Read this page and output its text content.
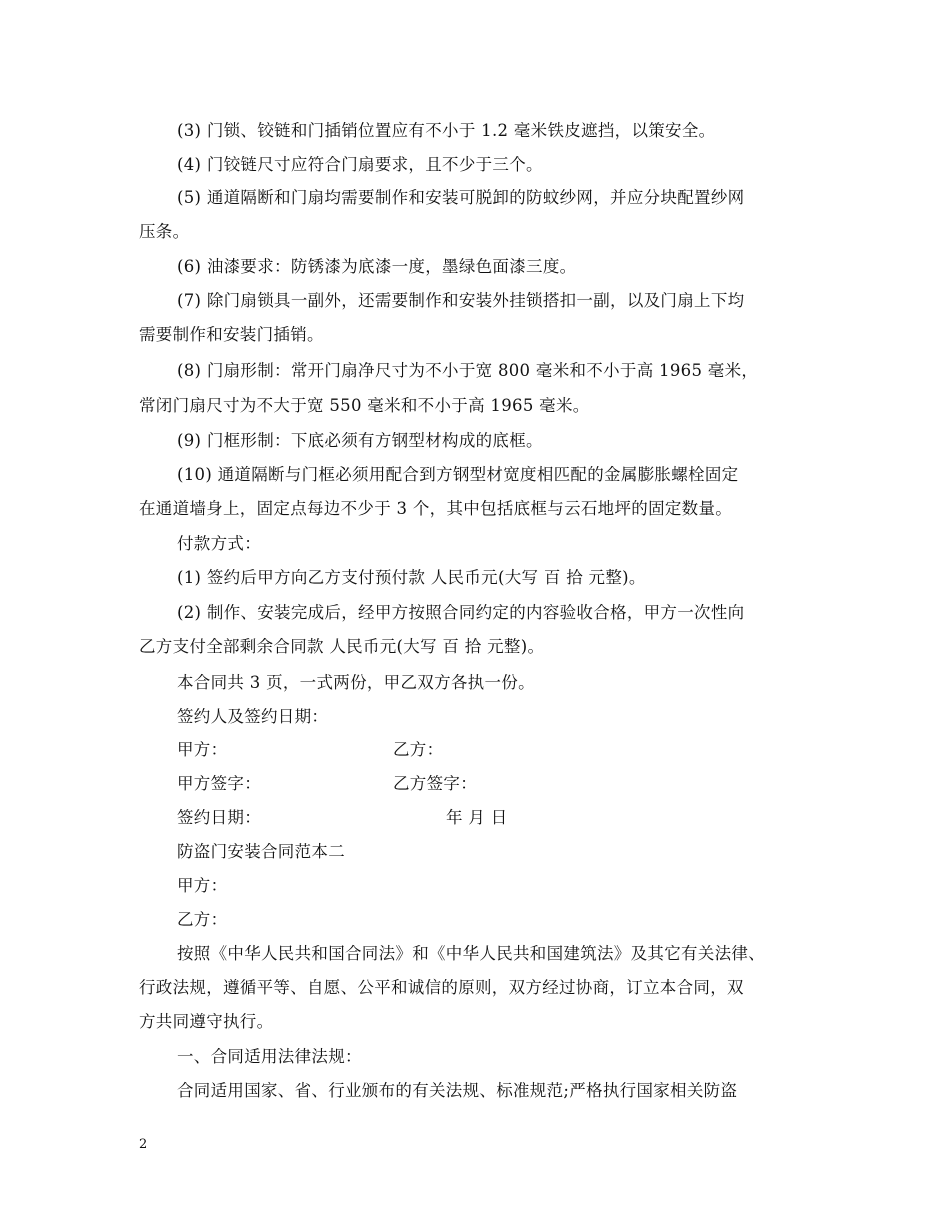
(3) 门锁、铰链和门插销位置应有不小于 1.2 毫米铁皮遮挡，以策安全。
(4) 门铰链尺寸应符合门扇要求，且不少于三个。
(5) 通道隔断和门扇均需要制作和安装可脱卸的防蚊纱网，并应分块配置纱网
压条。
(6) 油漆要求：防锈漆为底漆一度，墨绿色面漆三度。
(7) 除门扇锁具一副外，还需要制作和安装外挂锁搭扣一副，以及门扇上下均
需要制作和安装门插销。
(8) 门扇形制：常开门扇净尺寸为不小于宽 800 毫米和不小于高 1965 毫米，
常闭门扇尺寸为不大于宽 550 毫米和不小于高 1965 毫米。
(9) 门框形制：下底必须有方钢型材构成的底框。
(10) 通道隔断与门框必须用配合到方钢型材宽度相匹配的金属膨胀螺栓固定
在通道墙身上，固定点每边不少于 3 个，其中包括底框与云石地坪的固定数量。
付款方式：
(1) 签约后甲方向乙方支付预付款 人民币元(大写 百 拾 元整)。
(2) 制作、安装完成后，经甲方按照合同约定的内容验收合格，甲方一次性向
乙方支付全部剩余合同款 人民币元(大写 百 拾 元整)。
本合同共 3 页，一式两份，甲乙双方各执一份。
签约人及签约日期：
甲方：	乙方：
甲方签字：	乙方签字：
签约日期：	年 月 日
防盗门安装合同范本二
甲方：
乙方：
按照《中华人民共和国合同法》和《中华人民共和国建筑法》及其它有关法律、
行政法规，遵循平等、自愿、公平和诚信的原则，双方经过协商，订立本合同，双
方共同遵守执行。
一、合同适用法律法规：
合同适用国家、省、行业颁布的有关法规、标准规范;严格执行国家相关防盗
2
